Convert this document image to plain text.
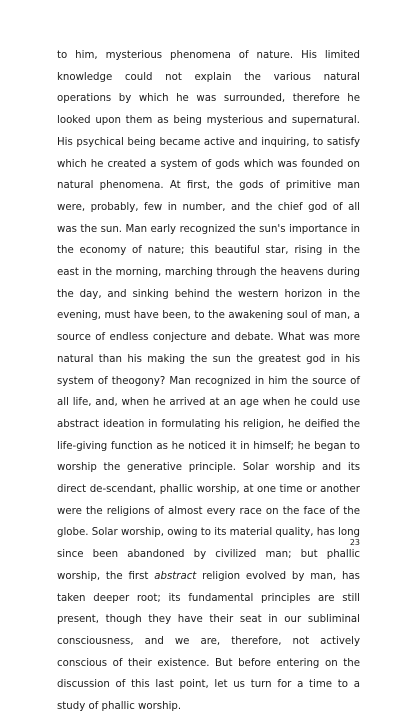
to him, mysterious phenomena of nature. His limited knowledge could not explain the various natural operations by which he was surrounded, therefore he looked upon them as being mysterious and supernatural. His psychical being became active and inquiring, to satisfy which he created a system of gods which was founded on natural phenomena. At first, the gods of primitive man were, probably, few in number, and the chief god of all was the sun. Man early recognized the sun's importance in the economy of nature; this beautiful star, rising in the east in the morning, marching through the heavens during the day, and sinking behind the western horizon in the evening, must have been, to the awakening soul of man, a source of endless conjecture and debate. What was more natural than his making the sun the greatest god in his system of theogony? Man recognized in him the source of all life, and, when he arrived at an age when he could use abstract ideation in formulating his religion, he deified the life-giving function as he noticed it in himself; he began to worship the generative principle. Solar worship and its direct de-scendant, phallic worship, at one time or another were the religions of almost every race on the face of the globe. Solar worship, owing to its material quality, has long since been abandoned by civilized man; but phallic worship, the first abstract religion evolved by man, has taken deeper root; its fundamental principles are still present, though they have their seat in our subliminal consciousness, and we are, therefore, not actively conscious of their existence. But before entering on the discussion of this last point, let us turn for a time to a study of phallic worship.

23
